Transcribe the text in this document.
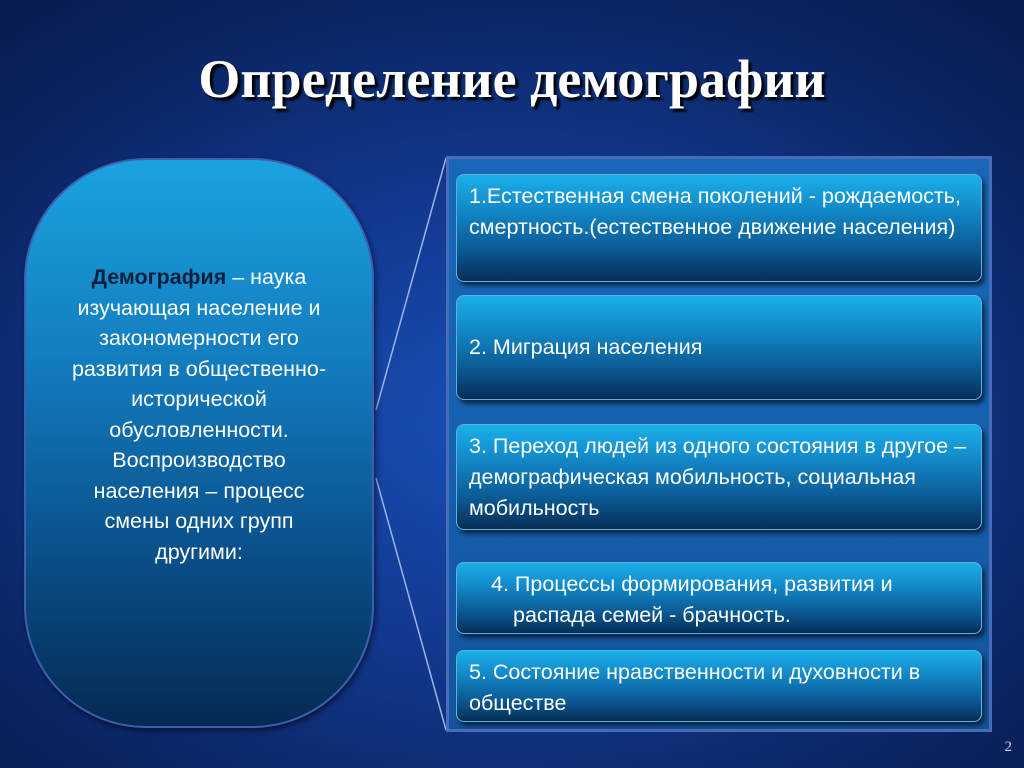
Определение демографии
Демография – наука изучающая население и закономерности его развития в общественно-исторической обусловленности. Воспроизводство населения – процесс смены одних групп другими:
1.Естественная смена поколений - рождаемость, смертность.(естественное движение населения)
2. Миграция населения
3. Переход людей из одного состояния в другое – демографическая мобильность, социальная мобильность
4. Процессы формирования, развития и распада семей - брачность.
5. Состояние нравственности и духовности в обществе
2
